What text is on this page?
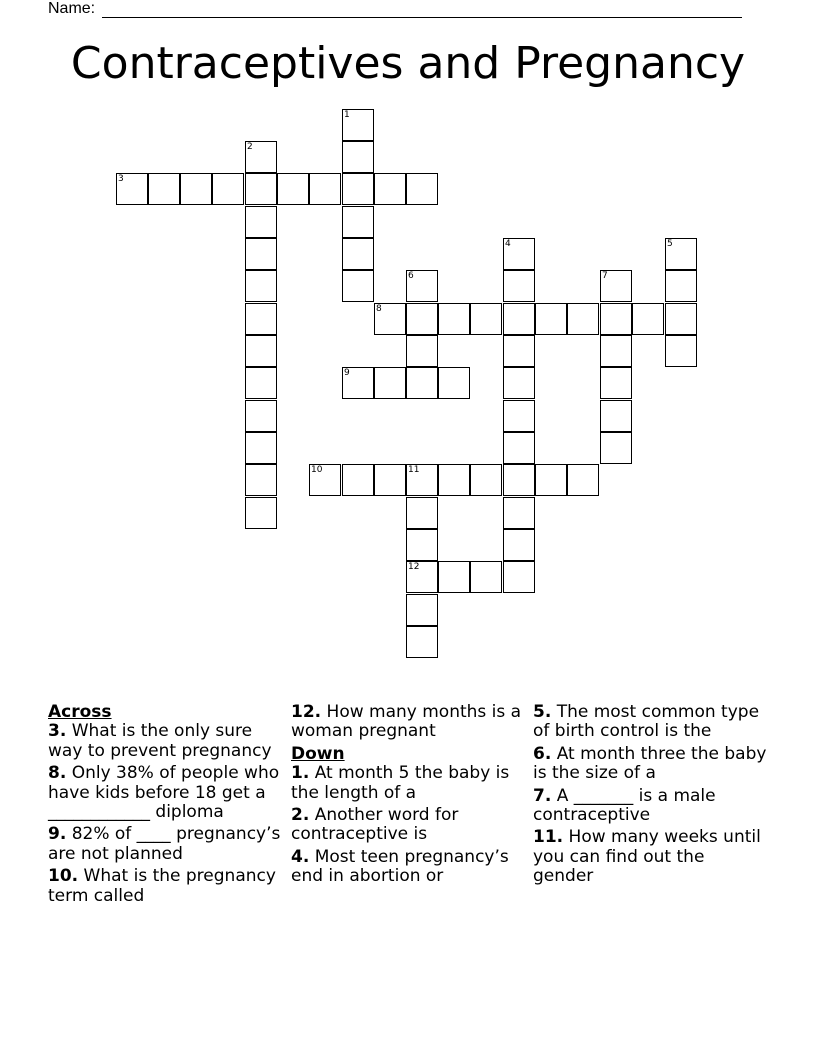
Name:
Contraceptives and Pregnancy
1
2
3
4	5
6	7
8
9
10	11
12
Across
3. What is the only sure way to prevent pregnancy
8. Only 38% of people who have kids before 18 get a ____________ diploma
9. 82% of ____ pregnancy’s are not planned
10. What is the pregnancy term called
12. How many months is a woman pregnant
Down
1. At month 5 the baby is the length of a
2. Another word for contraceptive is
4. Most teen pregnancy’s end in abortion or
5. The most common type of birth control is the
6. At month three the baby is the size of a
7. A _______ is a male contraceptive
11. How many weeks until you can find out the gender
